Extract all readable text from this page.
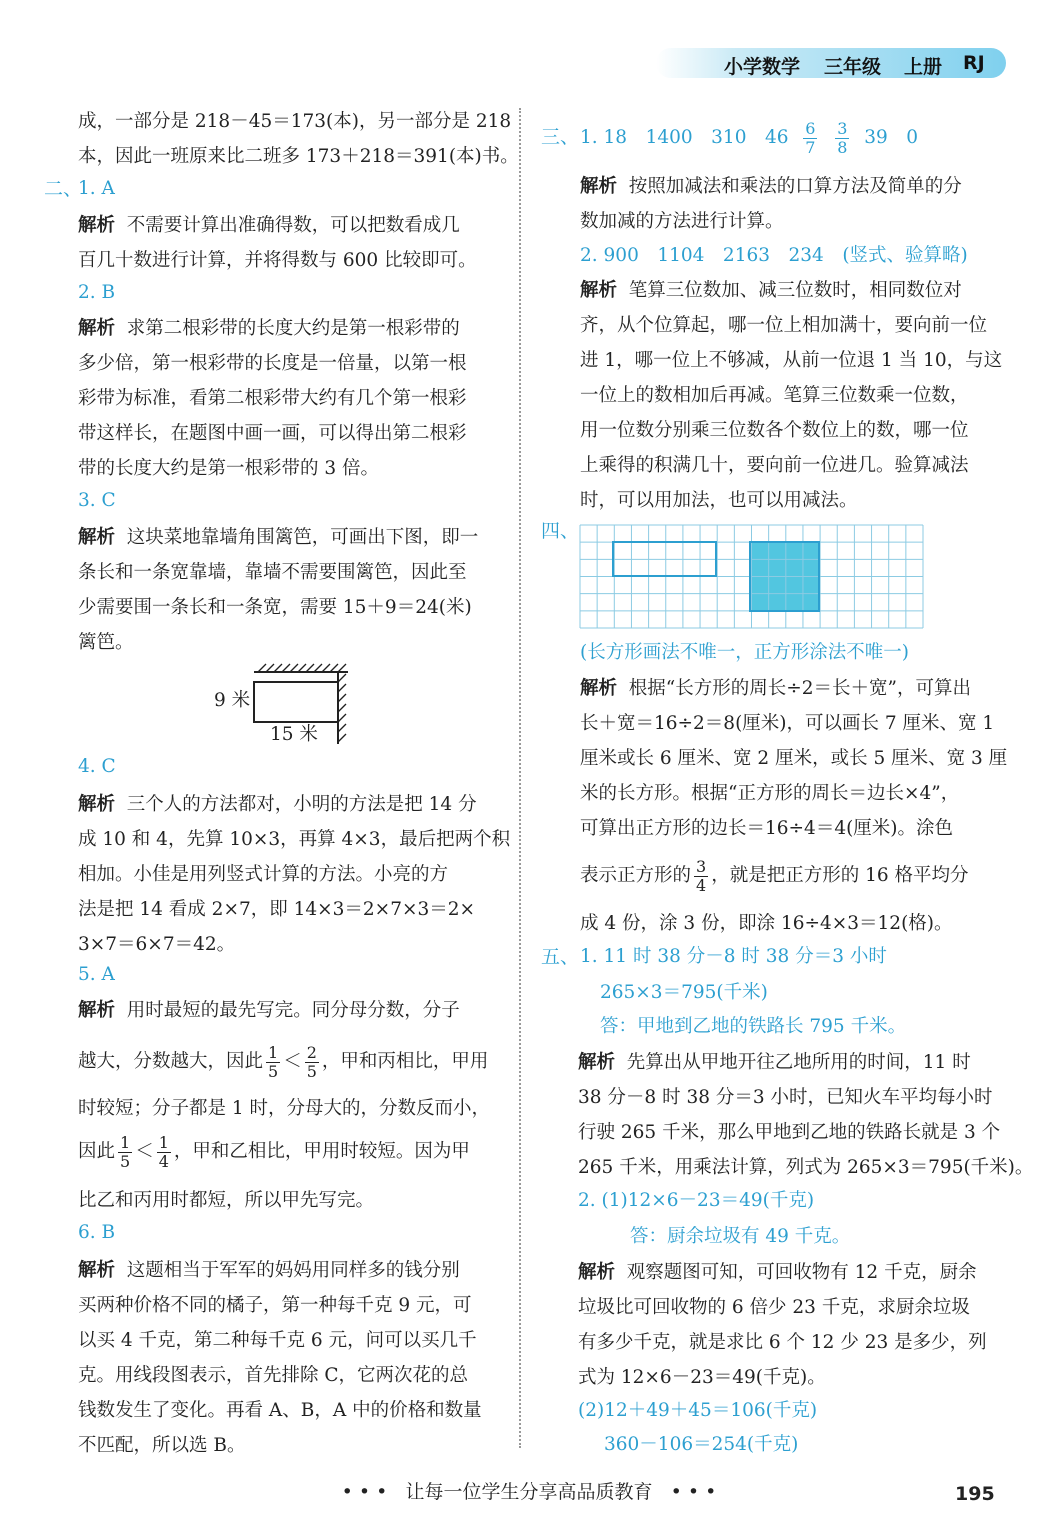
小学数学 三年级 上册 RJ
成，一部分是 218－45＝173(本)，另一部分是 218
本，因此一班原来比二班多 173＋218＝391(本)书。
二、
1. A
解析 不需要计算出准确得数，可以把数看成几
百几十数进行计算，并将得数与 600 比较即可。
2. B
解析 求第二根彩带的长度大约是第一根彩带的
多少倍，第一根彩带的长度是一倍量，以第一根
彩带为标准，看第二根彩带大约有几个第一根彩
带这样长，在题图中画一画，可以得出第二根彩
带的长度大约是第一根彩带的 3 倍。
3. C
解析 这块菜地靠墙角围篱笆，可画出下图，即一
条长和一条宽靠墙，靠墙不需要围篱笆，因此至
少需要围一条长和一条宽，需要 15＋9＝24(米)
篱笆。
9 米
15 米
4. C
解析 三个人的方法都对，小明的方法是把 14 分
成 10 和 4，先算 10×3，再算 4×3，最后把两个积
相加。小佳是用列竖式计算的方法。小亮的方
法是把 14 看成 2×7，即 14×3＝2×7×3＝2×
3×7＝6×7＝42。
5. A
解析 用时最短的最先写完。同分母分数，分子
越大，分数越大，因此 $\frac{1}{5} < \frac{2}{5}$ ，甲和丙相比，甲用
时较短；分子都是 1 时，分母大的，分数反而小，
因此 $\frac{1}{5} < \frac{1}{4}$ ，甲和乙相比，甲用时较短。因为甲
比乙和丙用时都短，所以甲先写完。
6. B
解析 这题相当于军军的妈妈用同样多的钱分别
买两种价格不同的橘子，第一种每千克 9 元，可
以买 4 千克，第二种每千克 6 元，问可以买几千
克。用线段图表示，首先排除 C，它两次花的总
钱数发生了变化。再看 A、B，A 中的价格和数量
不匹配，所以选 B。
三、 1. 18　1400　310　$46 \frac{6}{7}$
$\frac{3}{8} 39$　0
解析 按照加减法和乘法的口算方法及简单的分
数加减的方法进行计算。
2. 900　1104　2163　234　(竖式、验算略)
解析 笔算三位数加、减三位数时，相同数位对
齐，从个位算起，哪一位上相加满十，要向前一位
进 1，哪一位上不够减，从前一位退 1 当 10，与这
一位上的数相加后再减。笔算三位数乘一位数，
用一位数分别乘三位数各个数位上的数，哪一位
上乘得的积满几十，要向前一位进几。验算减法
时，可以用加法，也可以用减法。
四、
(长方形画法不唯一，正方形涂法不唯一)
解析 根据“长方形的周长÷2＝长＋宽”，可算出
长＋宽＝16÷2＝8(厘米)，可以画长 7 厘米、宽 1
厘米或长 6 厘米、宽 2 厘米，或长 5 厘米、宽 3 厘
米的长方形。根据“正方形的周长＝边长×4”，
可算出正方形的边长＝16÷4＝4(厘米)。涂色
表示正方形的 $\frac{3}{4}$ ，就是把正方形的 16 格平均分
成 4 份，涂 3 份，即涂 16÷4×3＝12(格)。
五、 1. 11 时 38 分－8 时 38 分＝3 小时
265×3＝795(千米)
答：甲地到乙地的铁路长 795 千米。
解析 先算出从甲地开往乙地所用的时间，11 时
38 分－8 时 38 分＝3 小时，已知火车平均每小时
行驶 265 千米，那么甲地到乙地的铁路长就是 3 个
265 千米，用乘法计算，列式为 265×3＝795(千米)。
2. (1)12×6－23＝49(千克)
答：厨余垃圾有 49 千克。
解析 观察题图可知，可回收物有 12 千克，厨余
垃圾比可回收物的 6 倍少 23 千克，求厨余垃圾
有多少千克，就是求比 6 个 12 少 23 是多少，列
式为 12×6－23＝49(千克)。
(2)12＋49＋45＝106(千克)
360－106＝254(千克)
• • • 让每一位学生分享高品质教育 • • •	195
